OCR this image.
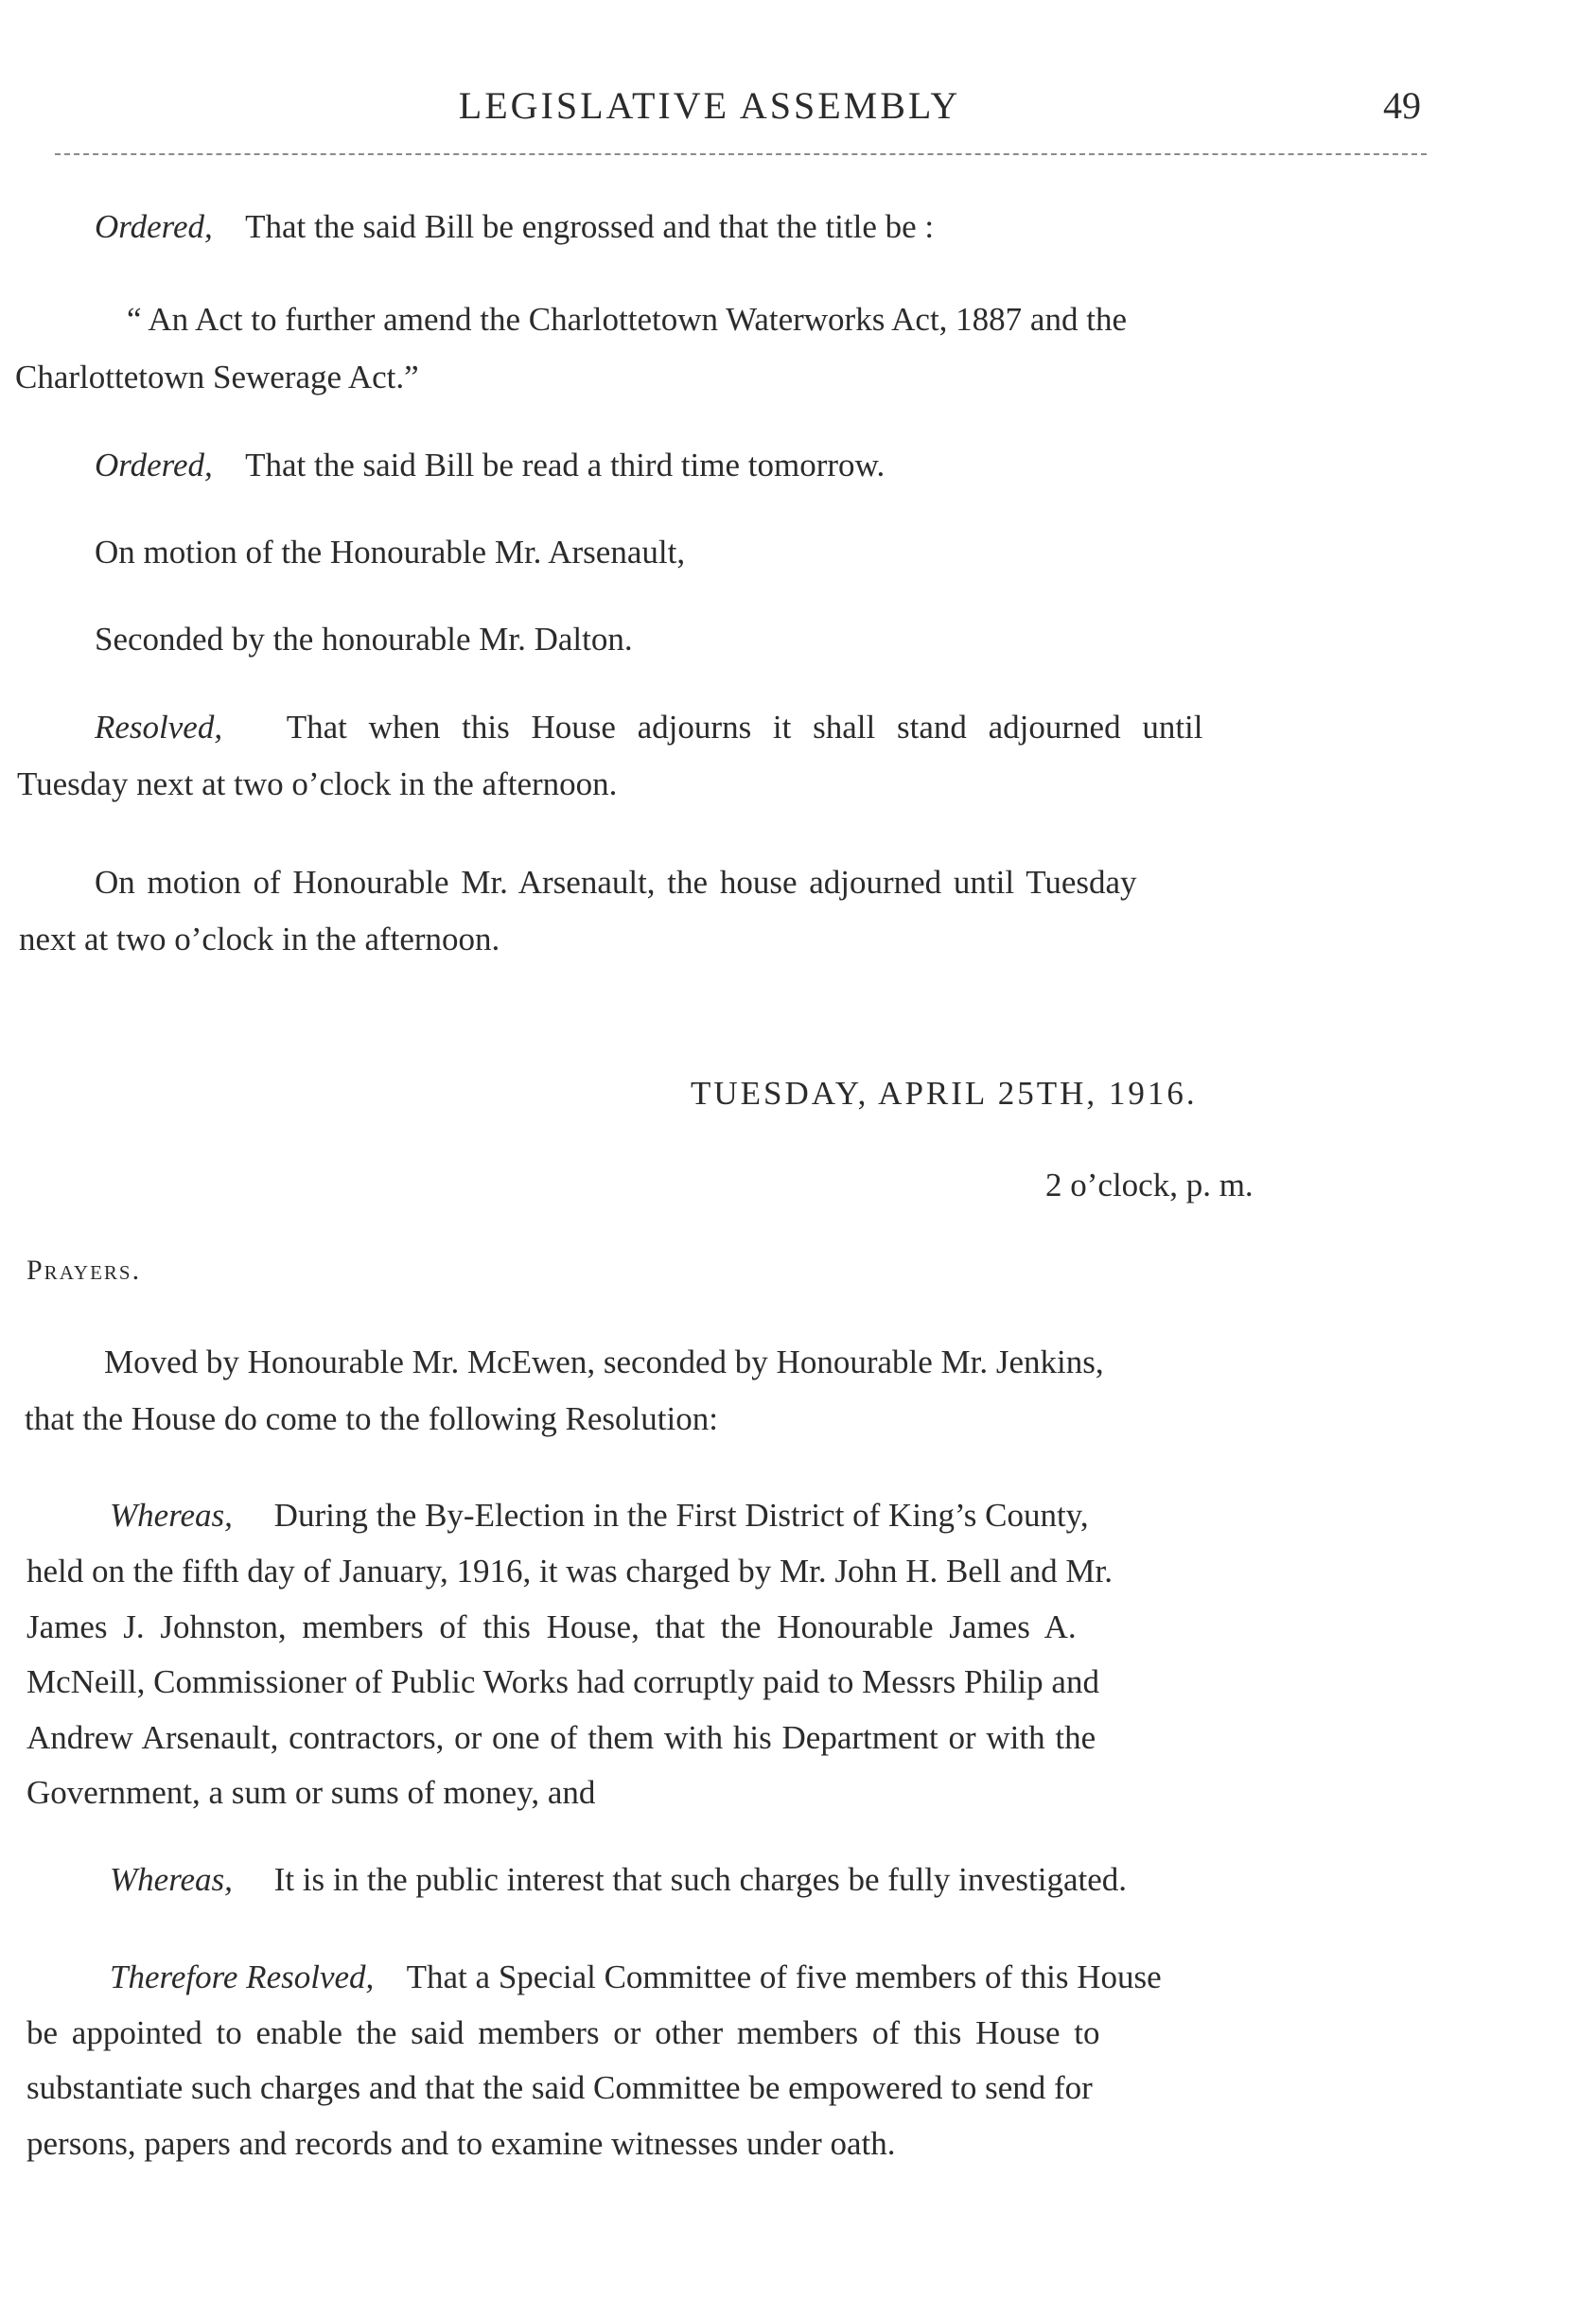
LEGISLATIVE ASSEMBLY	49
Ordered, That the said Bill be engrossed and that the title be :
“ An Act to further amend the Charlottetown Waterworks Act, 1887 and the
Charlottetown Sewerage Act.”
Ordered, That the said Bill be read a third time tomorrow.
On motion of the Honourable Mr. Arsenault,
Seconded by the honourable Mr. Dalton.
Resolved, That when this House adjourns it shall stand adjourned until
Tuesday next at two o’clock in the afternoon.
On motion of Honourable Mr. Arsenault, the house adjourned until Tuesday
next at two o’clock in the afternoon.
TUESDAY, APRIL 25TH, 1916.
2 o’clock, p. m.
Prayers.
Moved by Honourable Mr. McEwen, seconded by Honourable Mr. Jenkins,
that the House do come to the following Resolution:
Whereas, During the By-Election in the First District of King’s County,
held on the fifth day of January, 1916, it was charged by Mr. John H. Bell and Mr.
James J. Johnston, members of this House, that the Honourable James A.
McNeill, Commissioner of Public Works had corruptly paid to Messrs Philip and
Andrew Arsenault, contractors, or one of them with his Department or with the
Government, a sum or sums of money, and
Whereas, It is in the public interest that such charges be fully investigated.
Therefore Resolved, That a Special Committee of five members of this House
be appointed to enable the said members or other members of this House to
substantiate such charges and that the said Committee be empowered to send for
persons, papers and records and to examine witnesses under oath.
